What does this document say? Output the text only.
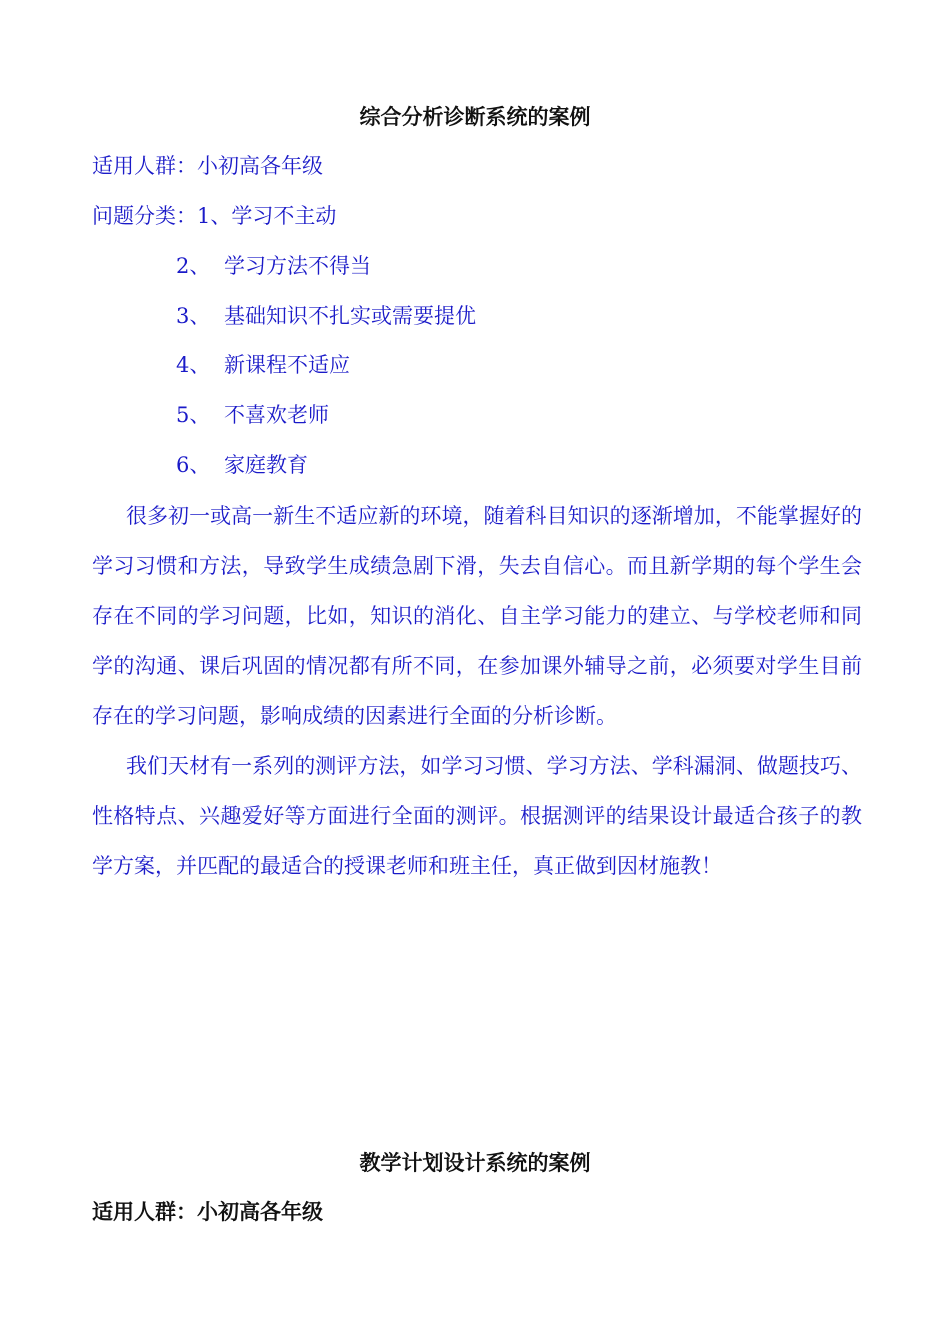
综合分析诊断系统的案例
适用人群：小初高各年级
问题分类：1、学习不主动
2、 学习方法不得当
3、 基础知识不扎实或需要提优
4、 新课程不适应
5、 不喜欢老师
6、 家庭教育
很多初一或高一新生不适应新的环境，随着科目知识的逐渐增加，不能掌握好的学习习惯和方法，导致学生成绩急剧下滑，失去自信心。而且新学期的每个学生会存在不同的学习问题，比如，知识的消化、自主学习能力的建立、与学校老师和同学的沟通、课后巩固的情况都有所不同，在参加课外辅导之前，必须要对学生目前存在的学习问题，影响成绩的因素进行全面的分析诊断。
我们天材有一系列的测评方法，如学习习惯、学习方法、学科漏洞、做题技巧、性格特点、兴趣爱好等方面进行全面的测评。根据测评的结果设计最适合孩子的教学方案，并匹配的最适合的授课老师和班主任，真正做到因材施教！
教学计划设计系统的案例
适用人群：小初高各年级
